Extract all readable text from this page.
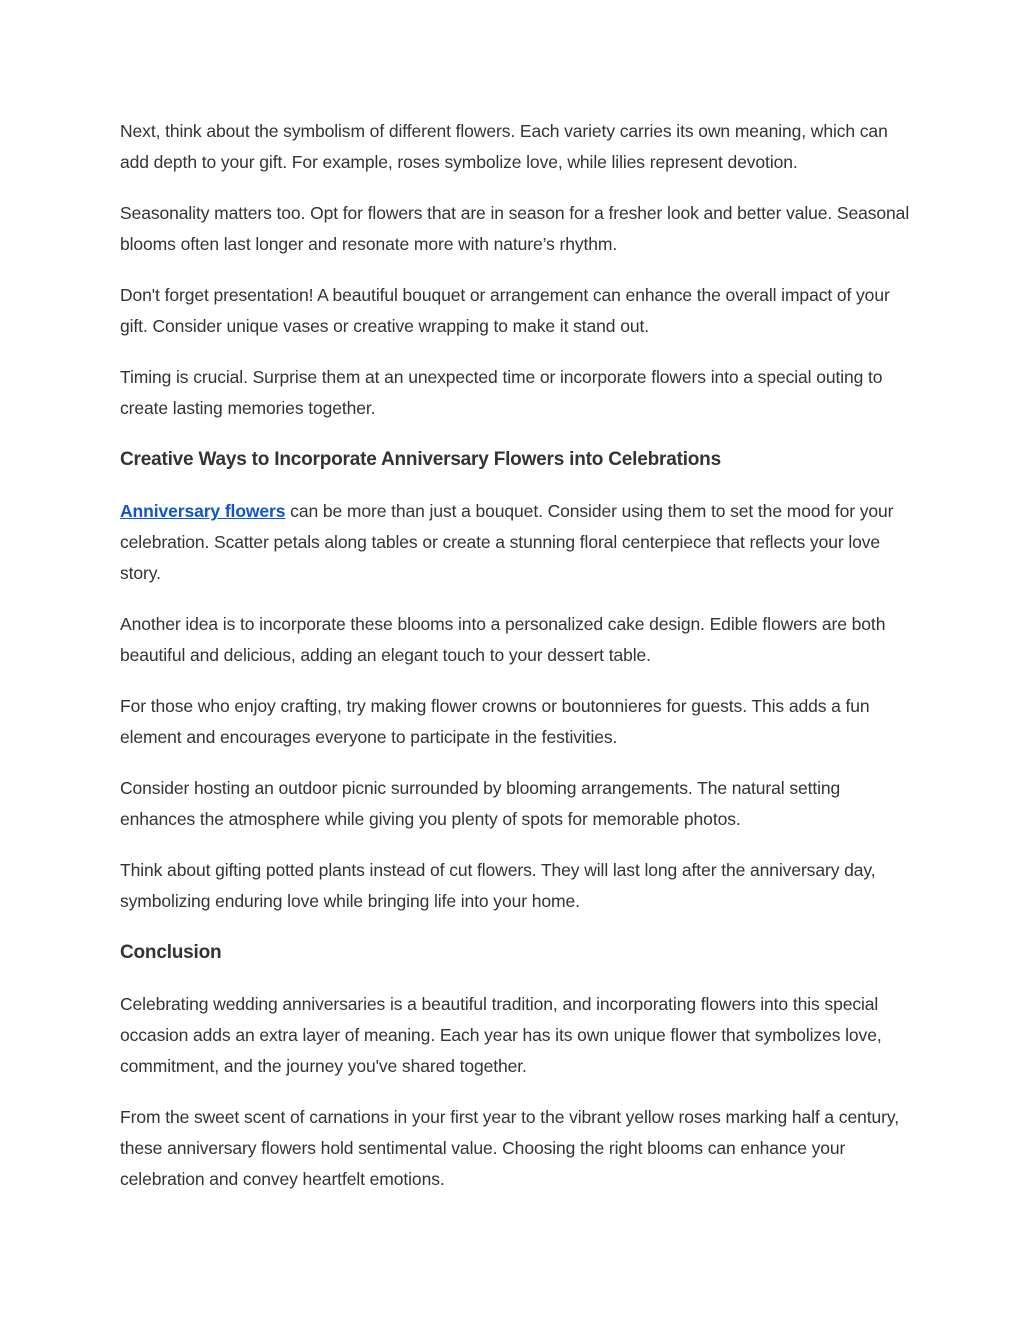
Next, think about the symbolism of different flowers. Each variety carries its own meaning, which can add depth to your gift. For example, roses symbolize love, while lilies represent devotion.

Seasonality matters too. Opt for flowers that are in season for a fresher look and better value. Seasonal blooms often last longer and resonate more with nature’s rhythm.

Don't forget presentation! A beautiful bouquet or arrangement can enhance the overall impact of your gift. Consider unique vases or creative wrapping to make it stand out.

Timing is crucial. Surprise them at an unexpected time or incorporate flowers into a special outing to create lasting memories together.

Creative Ways to Incorporate Anniversary Flowers into Celebrations

Anniversary flowers can be more than just a bouquet. Consider using them to set the mood for your celebration. Scatter petals along tables or create a stunning floral centerpiece that reflects your love story.

Another idea is to incorporate these blooms into a personalized cake design. Edible flowers are both beautiful and delicious, adding an elegant touch to your dessert table.

For those who enjoy crafting, try making flower crowns or boutonnieres for guests. This adds a fun element and encourages everyone to participate in the festivities.

Consider hosting an outdoor picnic surrounded by blooming arrangements. The natural setting enhances the atmosphere while giving you plenty of spots for memorable photos.

Think about gifting potted plants instead of cut flowers. They will last long after the anniversary day, symbolizing enduring love while bringing life into your home.

Conclusion

Celebrating wedding anniversaries is a beautiful tradition, and incorporating flowers into this special occasion adds an extra layer of meaning. Each year has its own unique flower that symbolizes love, commitment, and the journey you've shared together.

From the sweet scent of carnations in your first year to the vibrant yellow roses marking half a century, these anniversary flowers hold sentimental value. Choosing the right blooms can enhance your celebration and convey heartfelt emotions.
